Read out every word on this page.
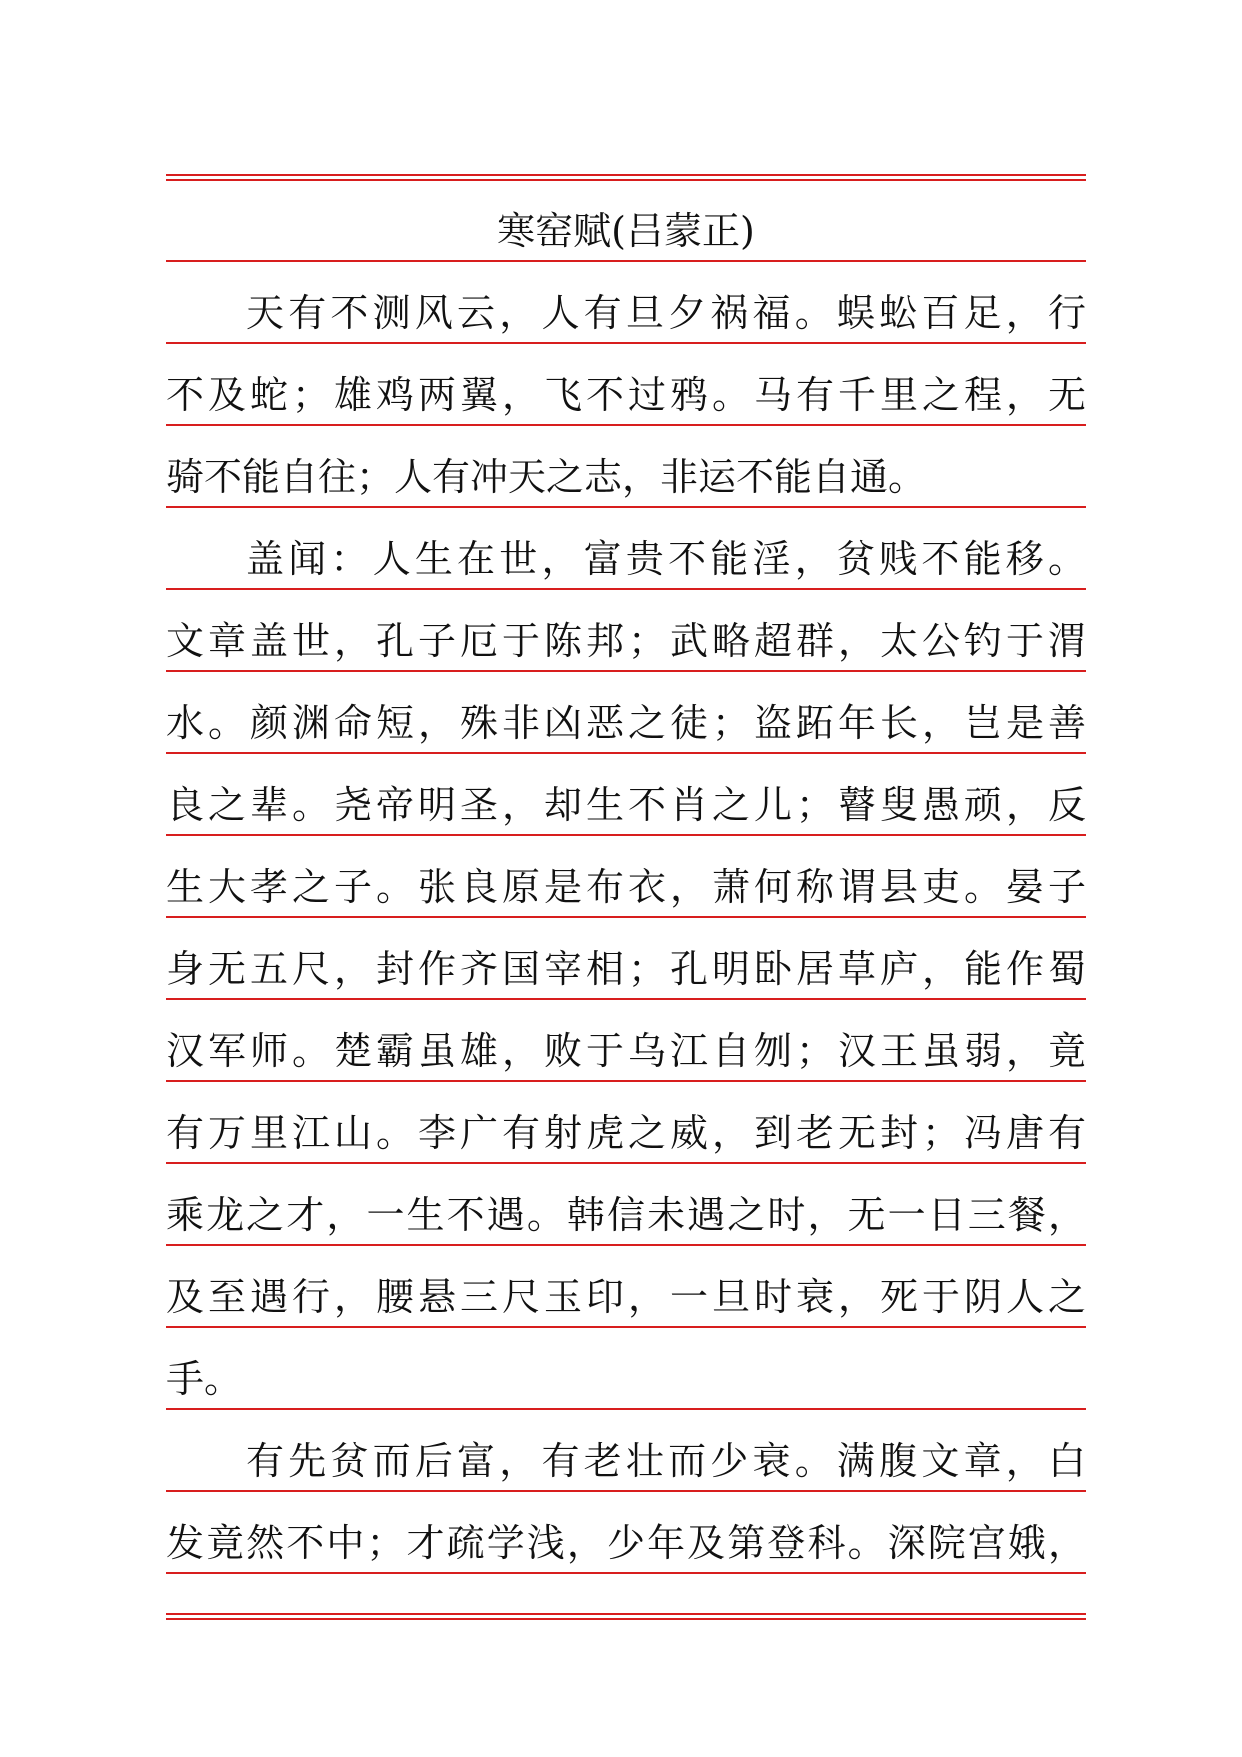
寒窑赋(吕蒙正)
天有不测风云，人有旦夕祸福。蜈蚣百足，行
不及蛇；雄鸡两翼，飞不过鸦。马有千里之程，无
骑不能自往；人有冲天之志，非运不能自通。
盖闻：人生在世，富贵不能淫，贫贱不能移。
文章盖世，孔子厄于陈邦；武略超群，太公钓于渭
水。颜渊命短，殊非凶恶之徒；盗跖年长，岂是善
良之辈。尧帝明圣，却生不肖之儿；瞽叟愚顽，反
生大孝之子。张良原是布衣，萧何称谓县吏。晏子
身无五尺，封作齐国宰相；孔明卧居草庐，能作蜀
汉军师。楚霸虽雄，败于乌江自刎；汉王虽弱，竟
有万里江山。李广有射虎之威，到老无封；冯唐有
乘龙之才，一生不遇。韩信未遇之时，无一日三餐，
及至遇行，腰悬三尺玉印，一旦时衰，死于阴人之
手。
有先贫而后富，有老壮而少衰。满腹文章，白
发竟然不中；才疏学浅，少年及第登科。深院宫娥，
